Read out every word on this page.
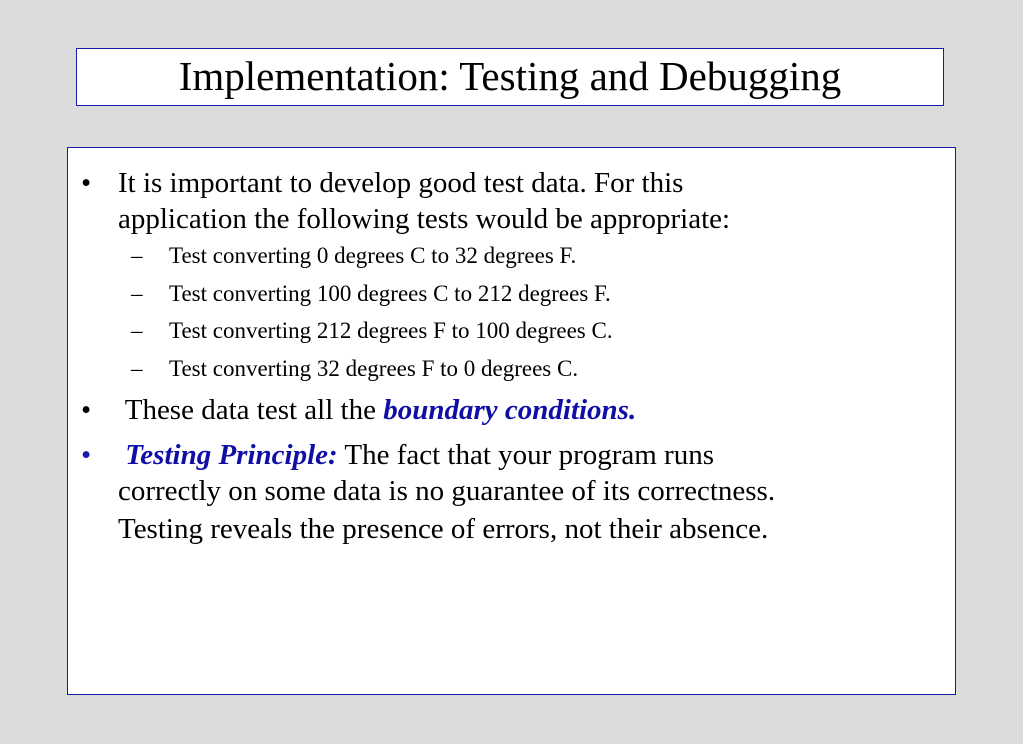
Implementation: Testing and Debugging
• It is important to develop good test data. For this
application the following tests would be appropriate:
– Test converting 0 degrees C to 32 degrees F.
– Test converting 100 degrees C to 212 degrees F.
– Test converting 212 degrees F to 100 degrees C.
– Test converting 32 degrees F to 0 degrees C.
• These data test all the boundary conditions.
• Testing Principle: The fact that your program runs
correctly on some data is no guarantee of its correctness.
Testing reveals the presence of errors, not their absence.
